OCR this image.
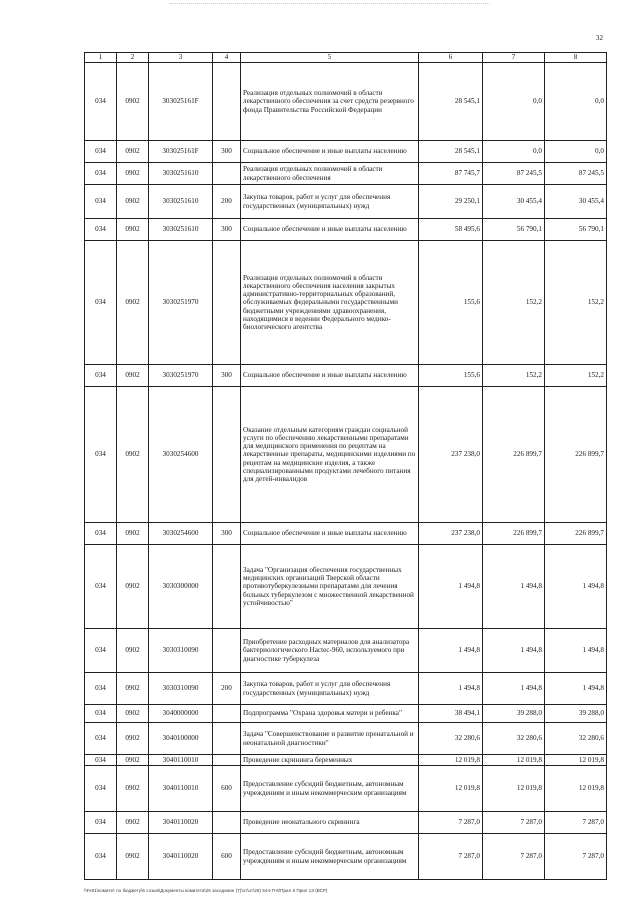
32
1	2	3	4	5	6	7	8
034	0902	303025161F		Реализация отдельных полномочий в области лекарственного обеспечения за счет средств резервного фонда Правительства Российской Федерации	28 545,1	0,0	0,0
034	0902	303025161F	300	Социальное обеспечение и иные выплаты населению	28 545,1	0,0	0,0
034	0902	3030251610		Реализация отдельных полномочий в области лекарственного обеспечения	87 745,7	87 245,5	87 245,5
034	0902	3030251610	200	Закупка товаров, работ и услуг для обеспечения государственных (муниципальных) нужд	29 250,1	30 455,4	30 455,4
034	0902	3030251610	300	Социальное обеспечение и иные выплаты населению	58 495,6	56 790,1	56 790,1
034	0902	3030251970		Реализация отдельных полномочий в области лекарственного обеспечения населения закрытых административно-территориальных образований, обслуживаемых федеральными государственными бюджетными учреждениями здравоохранения, находящимися в ведении Федерального медико-биологического агентства	155,6	152,2	152,2
034	0902	3030251970	300	Социальное обеспечение и иные выплаты населению	155,6	152,2	152,2
034	0902	3030254600		Оказание отдельным категориям граждан социальной услуги по обеспечению лекарственными препаратами для медицинского применения по рецептам на лекарственные препараты, медицинскими изделиями по рецептам на медицинские изделия, а также специализированными продуктами лечебного питания для детей-инвалидов	237 238,0	226 899,7	226 899,7
034	0902	3030254600	300	Социальное обеспечение и иные выплаты населению	237 238,0	226 899,7	226 899,7
034	0902	3030300000		Задача "Организация обеспечения государственных медицинских организаций Тверской области противотуберкулезными препаратами для лечения больных туберкулезом с множественной лекарственной устойчивостью"	1 494,8	1 494,8	1 494,8
034	0902	3030310090		Приобретение расходных материалов для анализатора бактериологического Hactec-960, используемого при диагностике туберкулеза	1 494,8	1 494,8	1 494,8
034	0902	3030310090	200	Закупка товаров, работ и услуг для обеспечения государственных (муниципальных) нужд	1 494,8	1 494,8	1 494,8
034	0902	3040000000		Подпрограмма "Охрана здоровья матери и ребенка"	38 494,1	39 288,0	39 288,0
034	0902	3040100000		Задача "Совершенствование и развитие пренатальной и неонатальной диагностики"	32 280,6	32 280,6	32 280,6
034	0902	3040110010		Проведение скрининга беременных	12 019,8	12 019,8	12 019,8
034	0902	3040110010	600	Предоставление субсидий бюджетным, автономным учреждениям и иным некоммерческим организациям	12 019,8	12 019,8	12 019,8
034	0902	3040110020		Проведение неонатального скрининга	7 287,0	7 287,0	7 287,0
034	0902	3040110020	600	Предоставление субсидий бюджетным, автономным учреждениям и иным некоммерческим организациям	7 287,0	7 287,0	7 287,0
\\Fs01\комитет по бюджету\6 созыв\Документы комитета\26 заседание (7)\от\от\28) 544-П-6\Прил 5 Прил 13 (ВСР)
